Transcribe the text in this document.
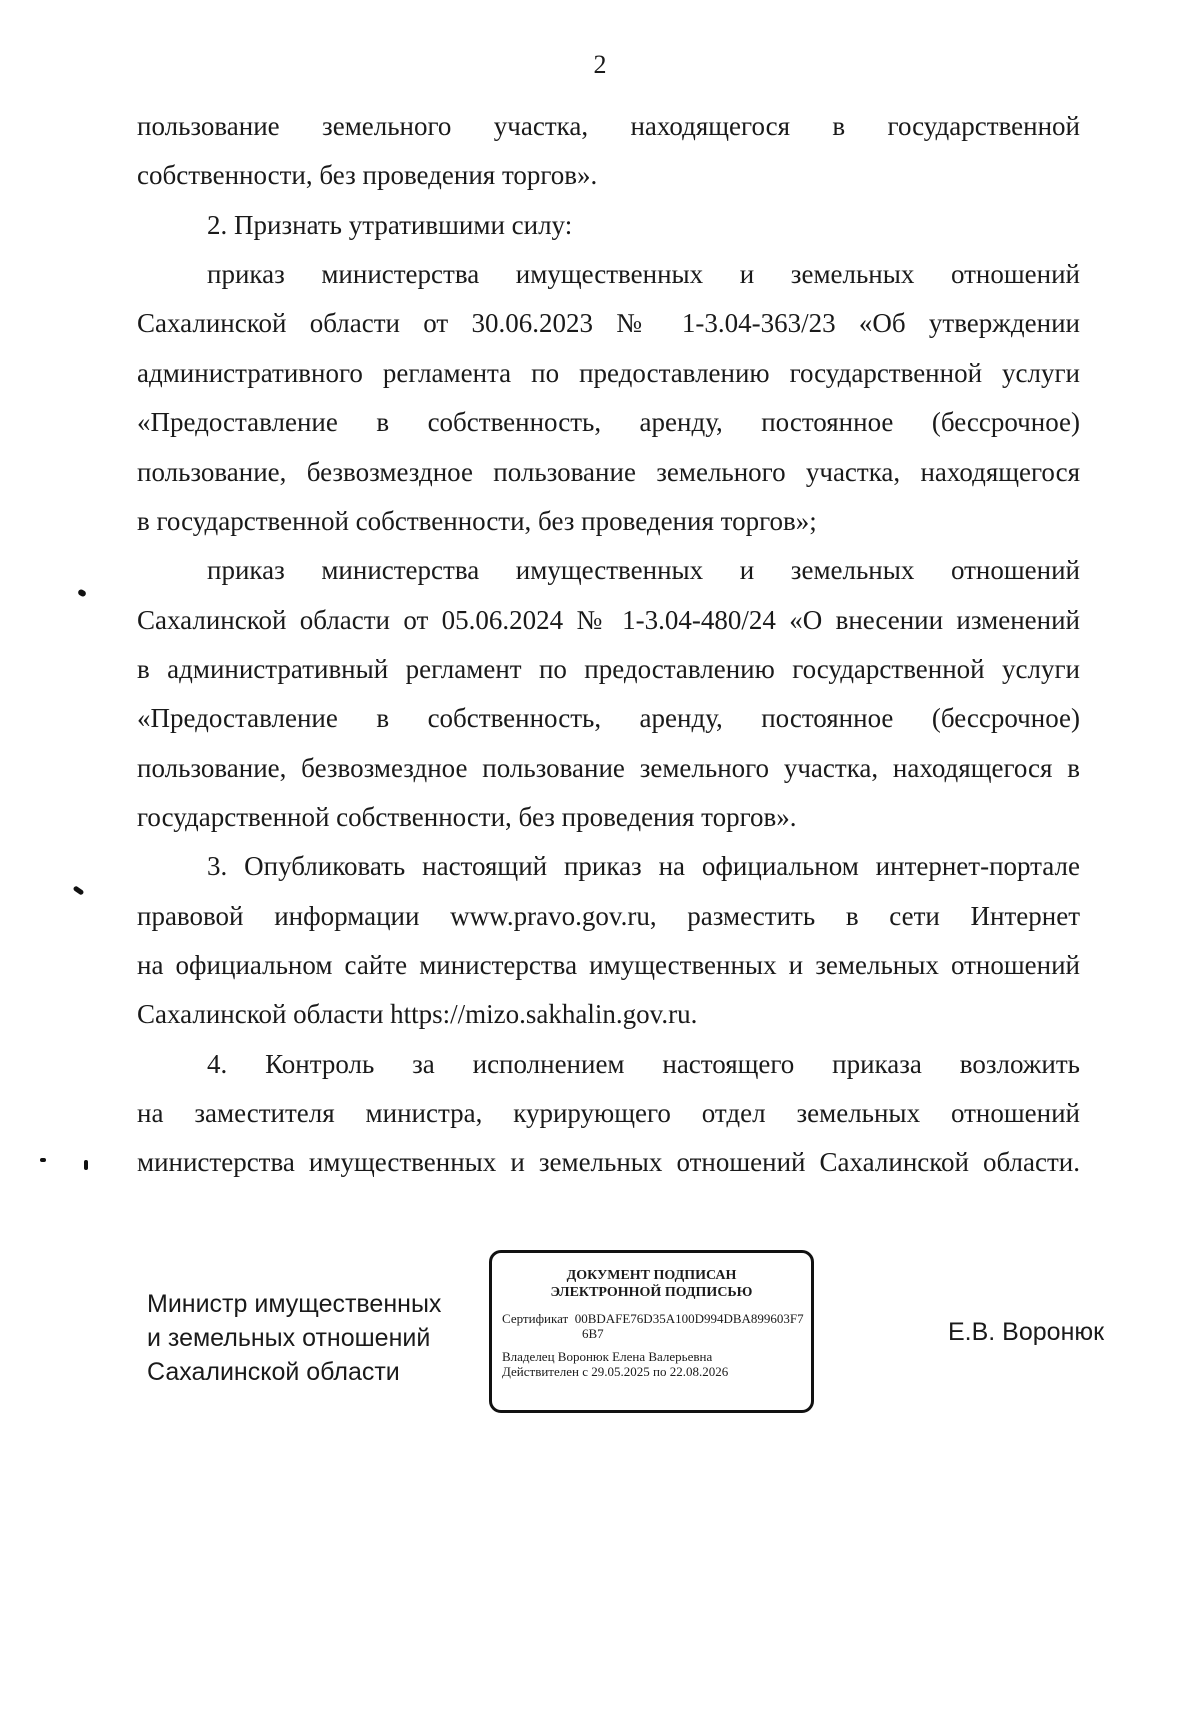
2
пользование земельного участка, находящегося в государственной
собственности, без проведения торгов».
2. Признать утратившими силу:
приказ министерства имущественных и земельных отношений
Сахалинской области от 30.06.2023 № 1-3.04-363/23 «Об утверждении
административного регламента по предоставлению государственной услуги
«Предоставление в собственность, аренду, постоянное (бессрочное)
пользование, безвозмездное пользование земельного участка, находящегося
в государственной собственности, без проведения торгов»;
приказ министерства имущественных и земельных отношений
Сахалинской области от 05.06.2024 № 1-3.04-480/24 «О внесении изменений
в административный регламент по предоставлению государственной услуги
«Предоставление в собственность, аренду, постоянное (бессрочное)
пользование, безвозмездное пользование земельного участка, находящегося в
государственной собственности, без проведения торгов».
3. Опубликовать настоящий приказ на официальном интернет-портале
правовой информации www.pravo.gov.ru, разместить в сети Интернет
на официальном сайте министерства имущественных и земельных отношений
Сахалинской области https://mizo.sakhalin.gov.ru.
4. Контроль за исполнением настоящего приказа возложить
на заместителя министра, курирующего отдел земельных отношений
министерства имущественных и земельных отношений Сахалинской области.
Министр имущественных
и земельных отношений
Сахалинской области
ДОКУМЕНТ ПОДПИСАН
ЭЛЕКТРОННОЙ ПОДПИСЬЮ
Сертификат 00BDAFE76D35A100D994DBA899603F7
6B7
Владелец Воронюк Елена Валерьевна
Действителен с 29.05.2025 по 22.08.2026
Е.В. Воронюк
